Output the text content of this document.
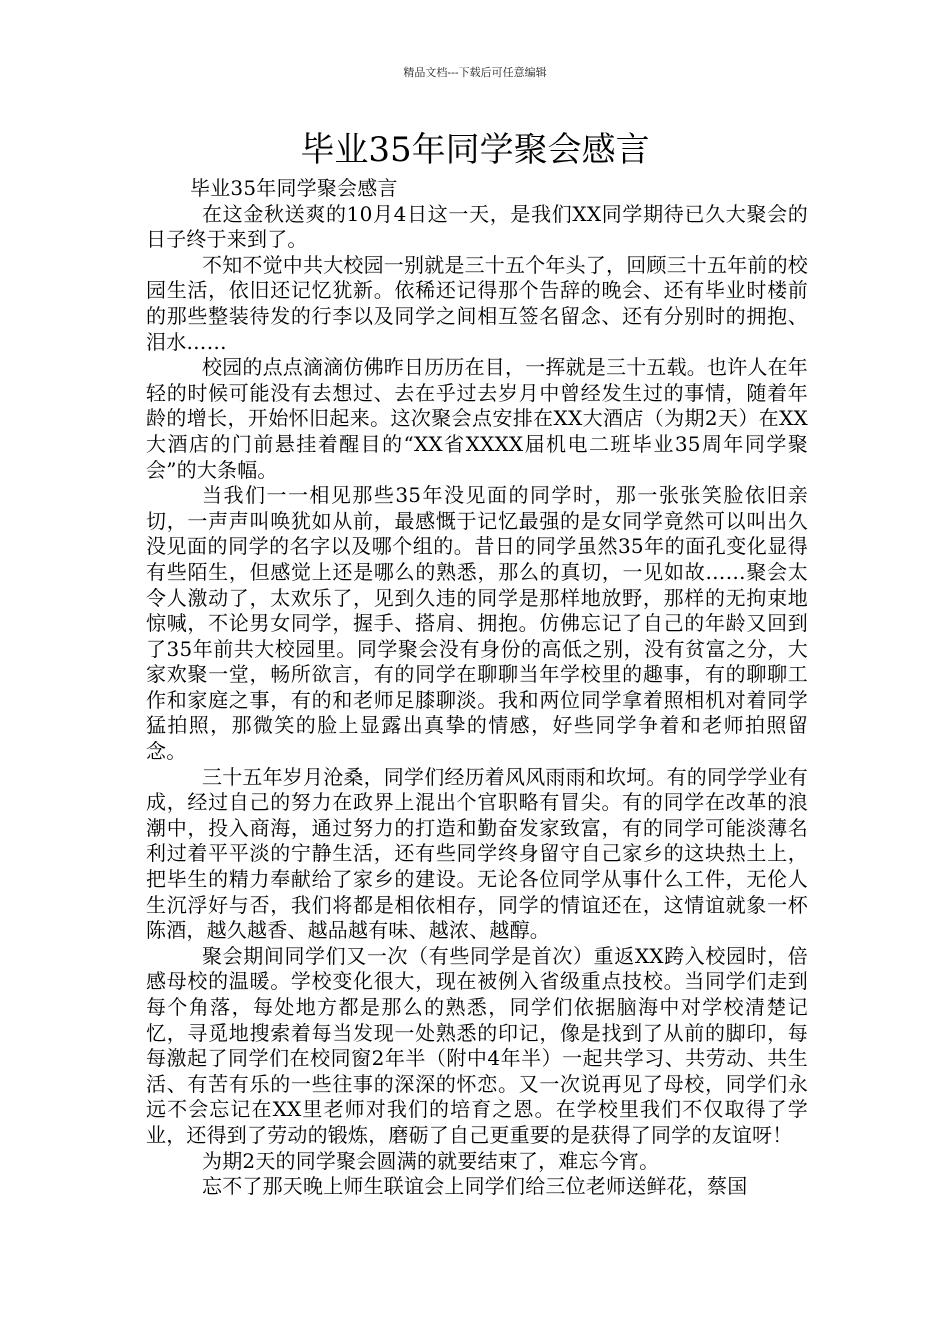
精品文档---下载后可任意编辑
毕业35年同学聚会感言

毕业35年同学聚会感言

在这金秋送爽的10月4日这一天，是我们XX同学期待已久大聚会的日子终于来到了。

不知不觉中共大校园一别就是三十五个年头了，回顾三十五年前的校园生活，依旧还记忆犹新。依稀还记得那个告辞的晚会、还有毕业时楼前的那些整装待发的行李以及同学之间相互签名留念、还有分别时的拥抱、泪水……

校园的点点滴滴仿佛昨日历历在目，一挥就是三十五载。也许人在年轻的时候可能没有去想过、去在乎过去岁月中曾经发生过的事情，随着年龄的增长，开始怀旧起来。这次聚会点安排在XX大酒店（为期2天）在XX大酒店的门前悬挂着醒目的“XX省XXXX届机电二班毕业35周年同学聚会”的大条幅。

当我们一一相见那些35年没见面的同学时，那一张张笑脸依旧亲切，一声声叫唤犹如从前，最感慨于记忆最强的是女同学竟然可以叫出久没见面的同学的名字以及哪个组的。昔日的同学虽然35年的面孔变化显得有些陌生，但感觉上还是哪么的熟悉，那么的真切，一见如故……聚会太令人激动了，太欢乐了，见到久违的同学是那样地放野，那样的无拘束地惊喊，不论男女同学，握手、搭肩、拥抱。仿佛忘记了自己的年龄又回到了35年前共大校园里。同学聚会没有身份的高低之别，没有贫富之分，大家欢聚一堂，畅所欲言，有的同学在聊聊当年学校里的趣事，有的聊聊工作和家庭之事，有的和老师足膝聊淡。我和两位同学拿着照相机对着同学猛拍照，那微笑的脸上显露出真挚的情感，好些同学争着和老师拍照留念。

三十五年岁月沧桑，同学们经历着风风雨雨和坎坷。有的同学学业有成，经过自己的努力在政界上混出个官职略有冒尖。有的同学在改革的浪潮中，投入商海，通过努力的打造和勤奋发家致富，有的同学可能淡薄名利过着平平淡的宁静生活，还有些同学终身留守自己家乡的这块热土上，把毕生的精力奉献给了家乡的建设。无论各位同学从事什么工件，无伦人生沉浮好与否，我们将都是相依相存，同学的情谊还在，这情谊就象一杯陈酒，越久越香、越品越有味、越浓、越醇。

聚会期间同学们又一次（有些同学是首次）重返XX跨入校园时，倍感母校的温暖。学校变化很大，现在被例入省级重点技校。当同学们走到每个角落，每处地方都是那么的熟悉，同学们依据脑海中对学校清楚记忆，寻觅地搜索着每当发现一处熟悉的印记，像是找到了从前的脚印，每每激起了同学们在校同窗2年半（附中4年半）一起共学习、共劳动、共生活、有苦有乐的一些往事的深深的怀恋。又一次说再见了母校，同学们永远不会忘记在XX里老师对我们的培育之恩。在学校里我们不仅取得了学业，还得到了劳动的锻炼，磨砺了自己更重要的是获得了同学的友谊呀！

为期2天的同学聚会圆满的就要结束了，难忘今宵。

忘不了那天晚上师生联谊会上同学们给三位老师送鲜花，蔡国
